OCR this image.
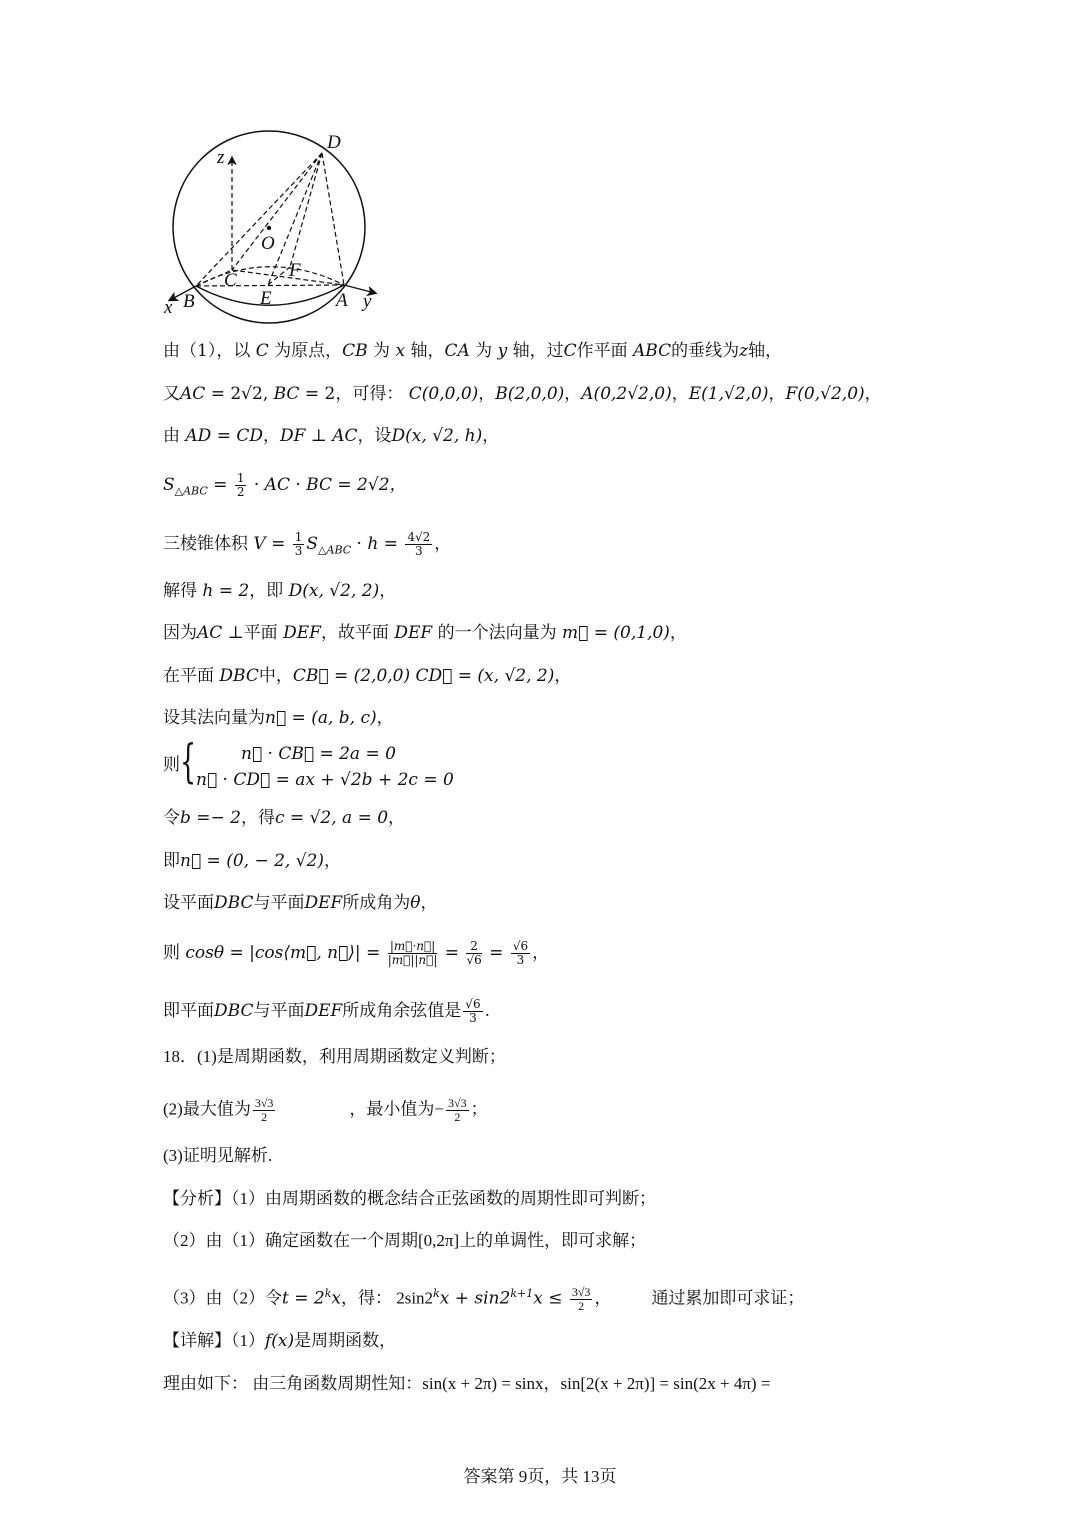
D
z
O
C	F
x B	E	A y
由（1），以 C 为原点，CB 为 x 轴，CA 为 y 轴，过C作平面 ABC的垂线为z轴，
又AC = 2√2, BC = 2，可得： C(0,0,0)，B(2,0,0)，A(0,2√2,0)，E(1,√2,0)，F(0,√2,0)，
由 AD = CD，DF ⊥ AC，设D(x, √2, h)，
$S_{\triangle ABC} = \frac{1}{2}$ · AC · BC = 2√2，
三棱锥体积 $V = \frac{1}{3} S_{\triangle ABC} \cdot h = \frac{4√2}{3}$ ，
解得 h = 2，即 D(x, √2, 2)，
因为AC ⊥平面 DEF，故平面 DEF 的一个法向量为 m⃗ = (0,1,0)，
在平面 DBC中，CB⃗ = (2,0,0) CD⃗ = (x, √2, 2)，
设其法向量为n⃗ = (a, b, c)，
则 {	n⃗ · CB⃗ = 2a = 0
n⃗ · CD⃗ = ax + √2b + 2c = 0
令b =− 2，得c = √2, a = 0，
即n⃗ = (0, − 2, √2)，
设平面DBC与平面DEF所成角为θ，
则 cosθ = |cos⟨m⃗, n⃗⟩| = $\frac{|m⃗\cdot n⃗|}{|m⃗||n⃗|} = \frac{2}{√6} = \frac{√6}{3}$ ，
即平面DBC与平面DEF所成角余弦值是 $\frac{√6}{3}$ .
18．(1)是周期函数，利用周期函数定义判断；
(2)最大值为 $\frac{3√3}{2}$	，最小值为− $\frac{3√3}{2}$ ；
(3)证明见解析.
【分析】（1）由周期函数的概念结合正弦函数的周期性即可判断；
（2）由（1）确定函数在一个周期[0,2π]上的单调性，即可求解；
（3）由（2）令$t = 2^kx$，得： $2\sin 2^kx + \sin 2^{k+1}x \le \frac{3√3}{2}$ ， 通过累加即可求证；
【详解】（1）f(x)是周期函数，
理由如下： 由三角函数周期性知：sin(x + 2π) = sinx，sin[2(x + 2π)] = sin(2x + 4π) =
答案第 9页，共 13页
